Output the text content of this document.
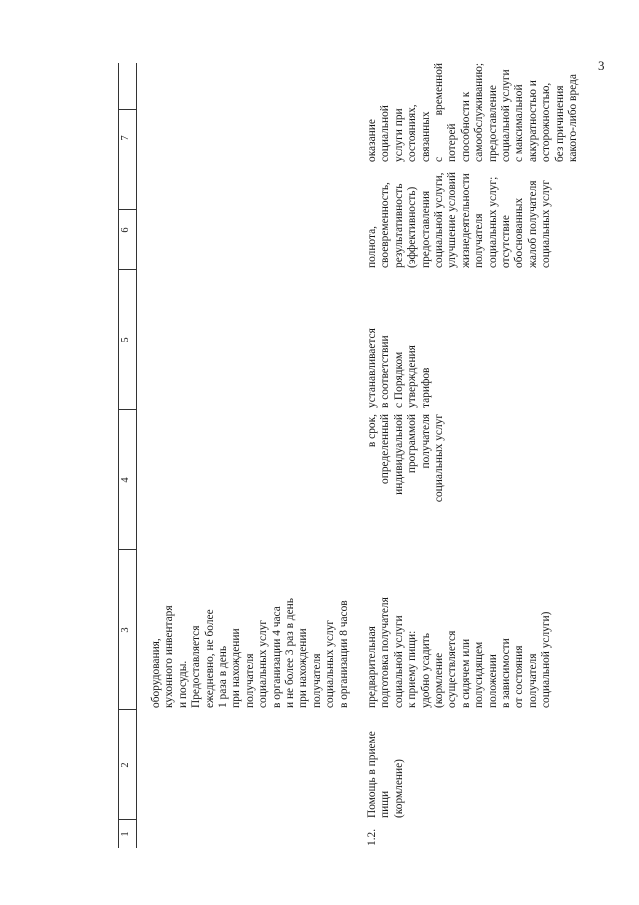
3
1
2
3
4
5
6
7
оборудования,
кухонного инвентаря
и посуды.
Предоставляется
ежедневно, не более
1 раза в день
при нахождении
получателя
социальных услуг
в организации 4 часа
и не более 3 раз в день
при нахождении
получателя
социальных услуг
в организации 8 часов
1.2.
Помощь в приеме пищи
(кормление)
предварительная
подготовка получателя
социальной услуги
к приему пищи:
удобно усадить
(кормление
осуществляется
в сидячем или
полусидящем
положении
в зависимости
от состояния
получателя
социальной услуги)
в срок,
определенный
индивидуальной
программой
получателя
социальных услуг
устанавливается
в соответствии
с Порядком
утверждения
тарифов
полнота,
своевременность,
результативность
(эффективность)
предоставления
социальной услуги,
улучшение условий
жизнедеятельности
получателя
социальных услуг;
отсутствие
обоснованных
жалоб получателя
социальных услуг
оказание социальной
услуги при
состояниях,
связанных
с временной потерей
способности к
самообслуживанию;
предоставление
социальной услуги
с максимальной
аккуратностью и
осторожностью,
без причинения
какого-либо вреда
